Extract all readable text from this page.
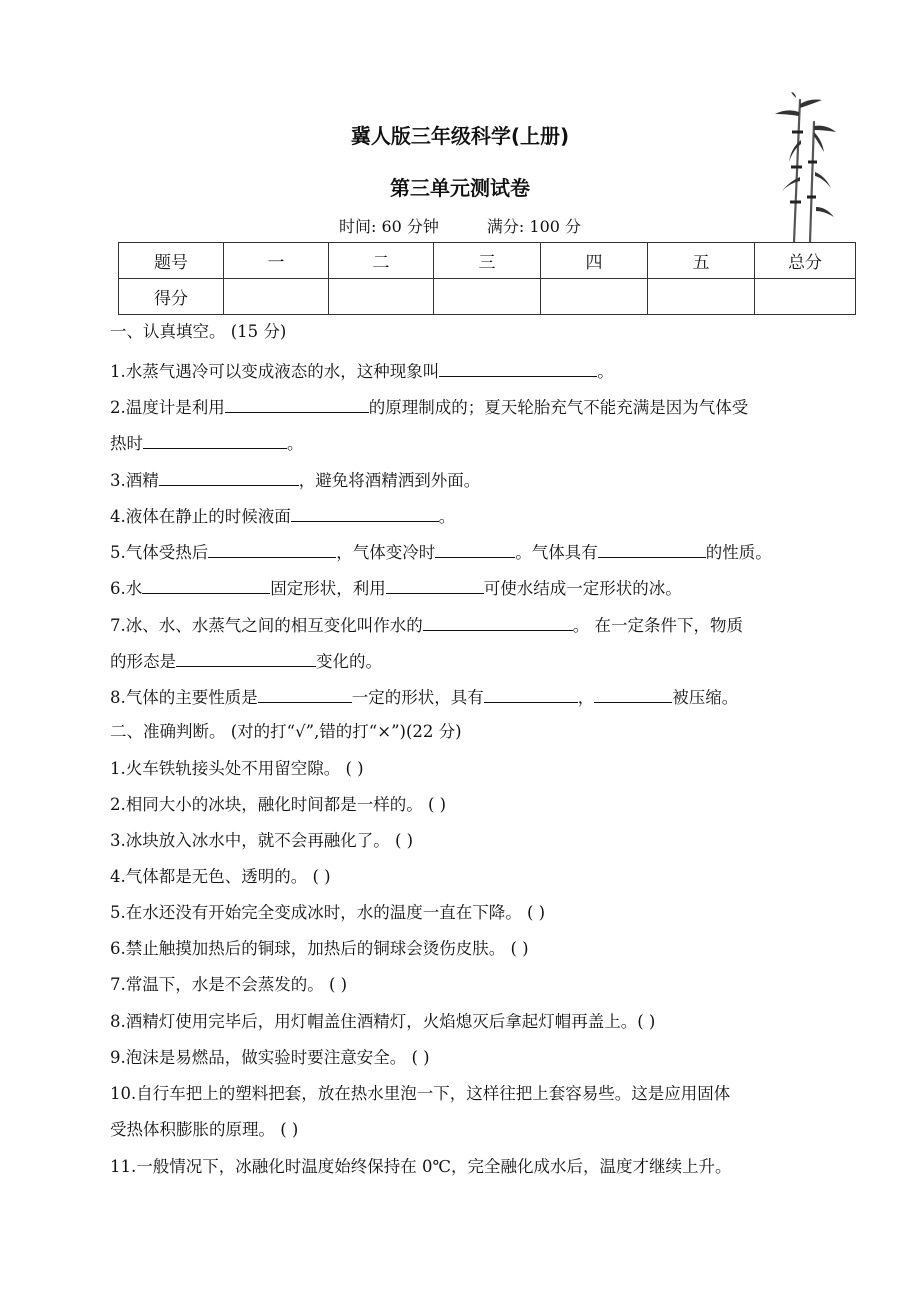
冀人版三年级科学(上册)
第三单元测试卷
时间: 60 分钟	满分: 100 分
题号	一	二	三	四	五	总分
得分						
一、认真填空。 (15 分)
1.水蒸气遇冷可以变成液态的水，这种现象叫	。
2.温度计是利用	的原理制成的；夏天轮胎充气不能充满是因为气体受
热时	。
3.酒精	，避免将酒精洒到外面。
4.液体在静止的时候液面	。
5.气体受热后	，气体变冷时	。气体具有	的性质。
6.水	固定形状，利用	可使水结成一定形状的冰。
7.冰、水、水蒸气之间的相互变化叫作水的	。 在一定条件下，物质
的形态是	变化的。
8.气体的主要性质是	一定的形状，具有	，	被压缩。
二、准确判断。 (对的打“√”,错的打“×”)(22 分)
1.火车铁轨接头处不用留空隙。 ( )
2.相同大小的冰块，融化时间都是一样的。 ( )
3.冰块放入冰水中，就不会再融化了。 ( )
4.气体都是无色、透明的。 ( )
5.在水还没有开始完全变成冰时，水的温度一直在下降。 ( )
6.禁止触摸加热后的铜球，加热后的铜球会烫伤皮肤。 ( )
7.常温下，水是不会蒸发的。 ( )
8.酒精灯使用完毕后，用灯帽盖住酒精灯，火焰熄灭后拿起灯帽再盖上。( )
9.泡沫是易燃品，做实验时要注意安全。 ( )
10.自行车把上的塑料把套，放在热水里泡一下，这样往把上套容易些。这是应用固体
受热体积膨胀的原理。 ( )
11.一般情况下，冰融化时温度始终保持在 0℃，完全融化成水后，温度才继续上升。
